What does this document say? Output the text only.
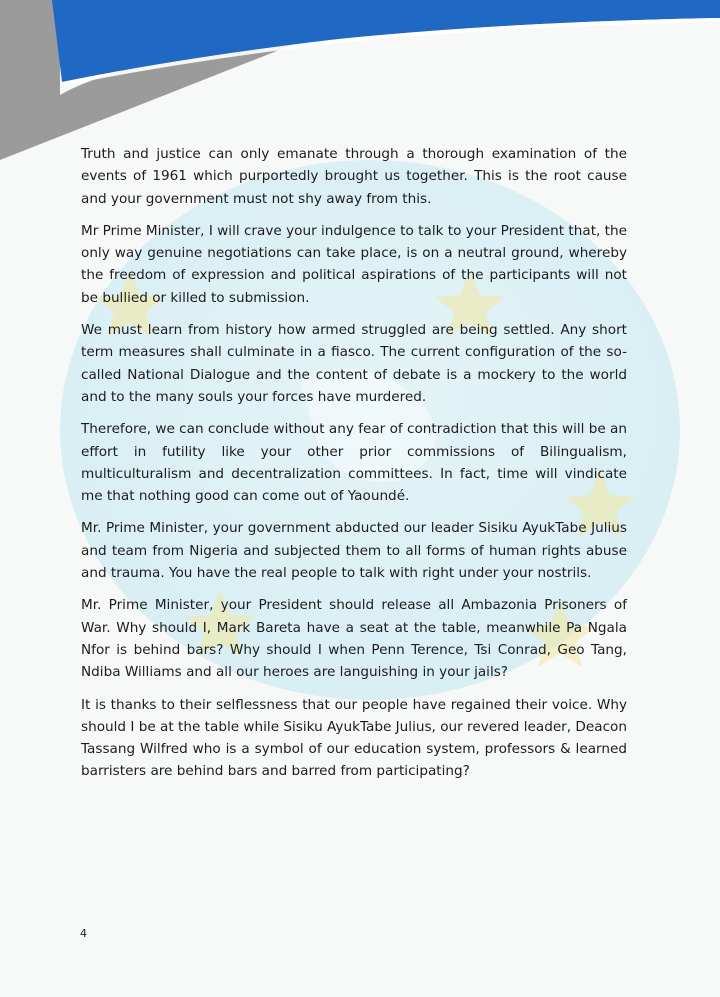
Truth and justice can only emanate through a thorough examination of the events of 1961 which purportedly brought us together. This is the root cause and your government must not shy away from this.

Mr Prime Minister, I will crave your indulgence to talk to your President that, the only way genuine negotiations can take place, is on a neutral ground, whereby the freedom of expression and political aspirations of the participants will not be bullied or killed to submission.

We must learn from history how armed struggled are being settled. Any short term measures shall culminate in a fiasco. The current configuration of the so-called National Dialogue and the content of debate is a mockery to the world and to the many souls your forces have murdered.

Therefore, we can conclude without any fear of contradiction that this will be an effort in futility like your other prior commissions of Bilingualism, multiculturalism and decentralization committees. In fact, time will vindicate me that nothing good can come out of Yaoundé.

Mr. Prime Minister, your government abducted our leader Sisiku AyukTabe Julius and team from Nigeria and subjected them to all forms of human rights abuse and trauma. You have the real people to talk with right under your nostrils.

Mr. Prime Minister, your President should release all Ambazonia Prisoners of War. Why should I, Mark Bareta have a seat at the table, meanwhile Pa Ngala Nfor is behind bars? Why should I when Penn Terence, Tsi Conrad, Geo Tang, Ndiba Williams and all our heroes are languishing in your jails?

It is thanks to their selflessness that our people have regained their voice. Why should I be at the table while Sisiku AyukTabe Julius, our revered leader, Deacon Tassang Wilfred who is a symbol of our education system, professors & learned barristers are behind bars and barred from participating?

4
